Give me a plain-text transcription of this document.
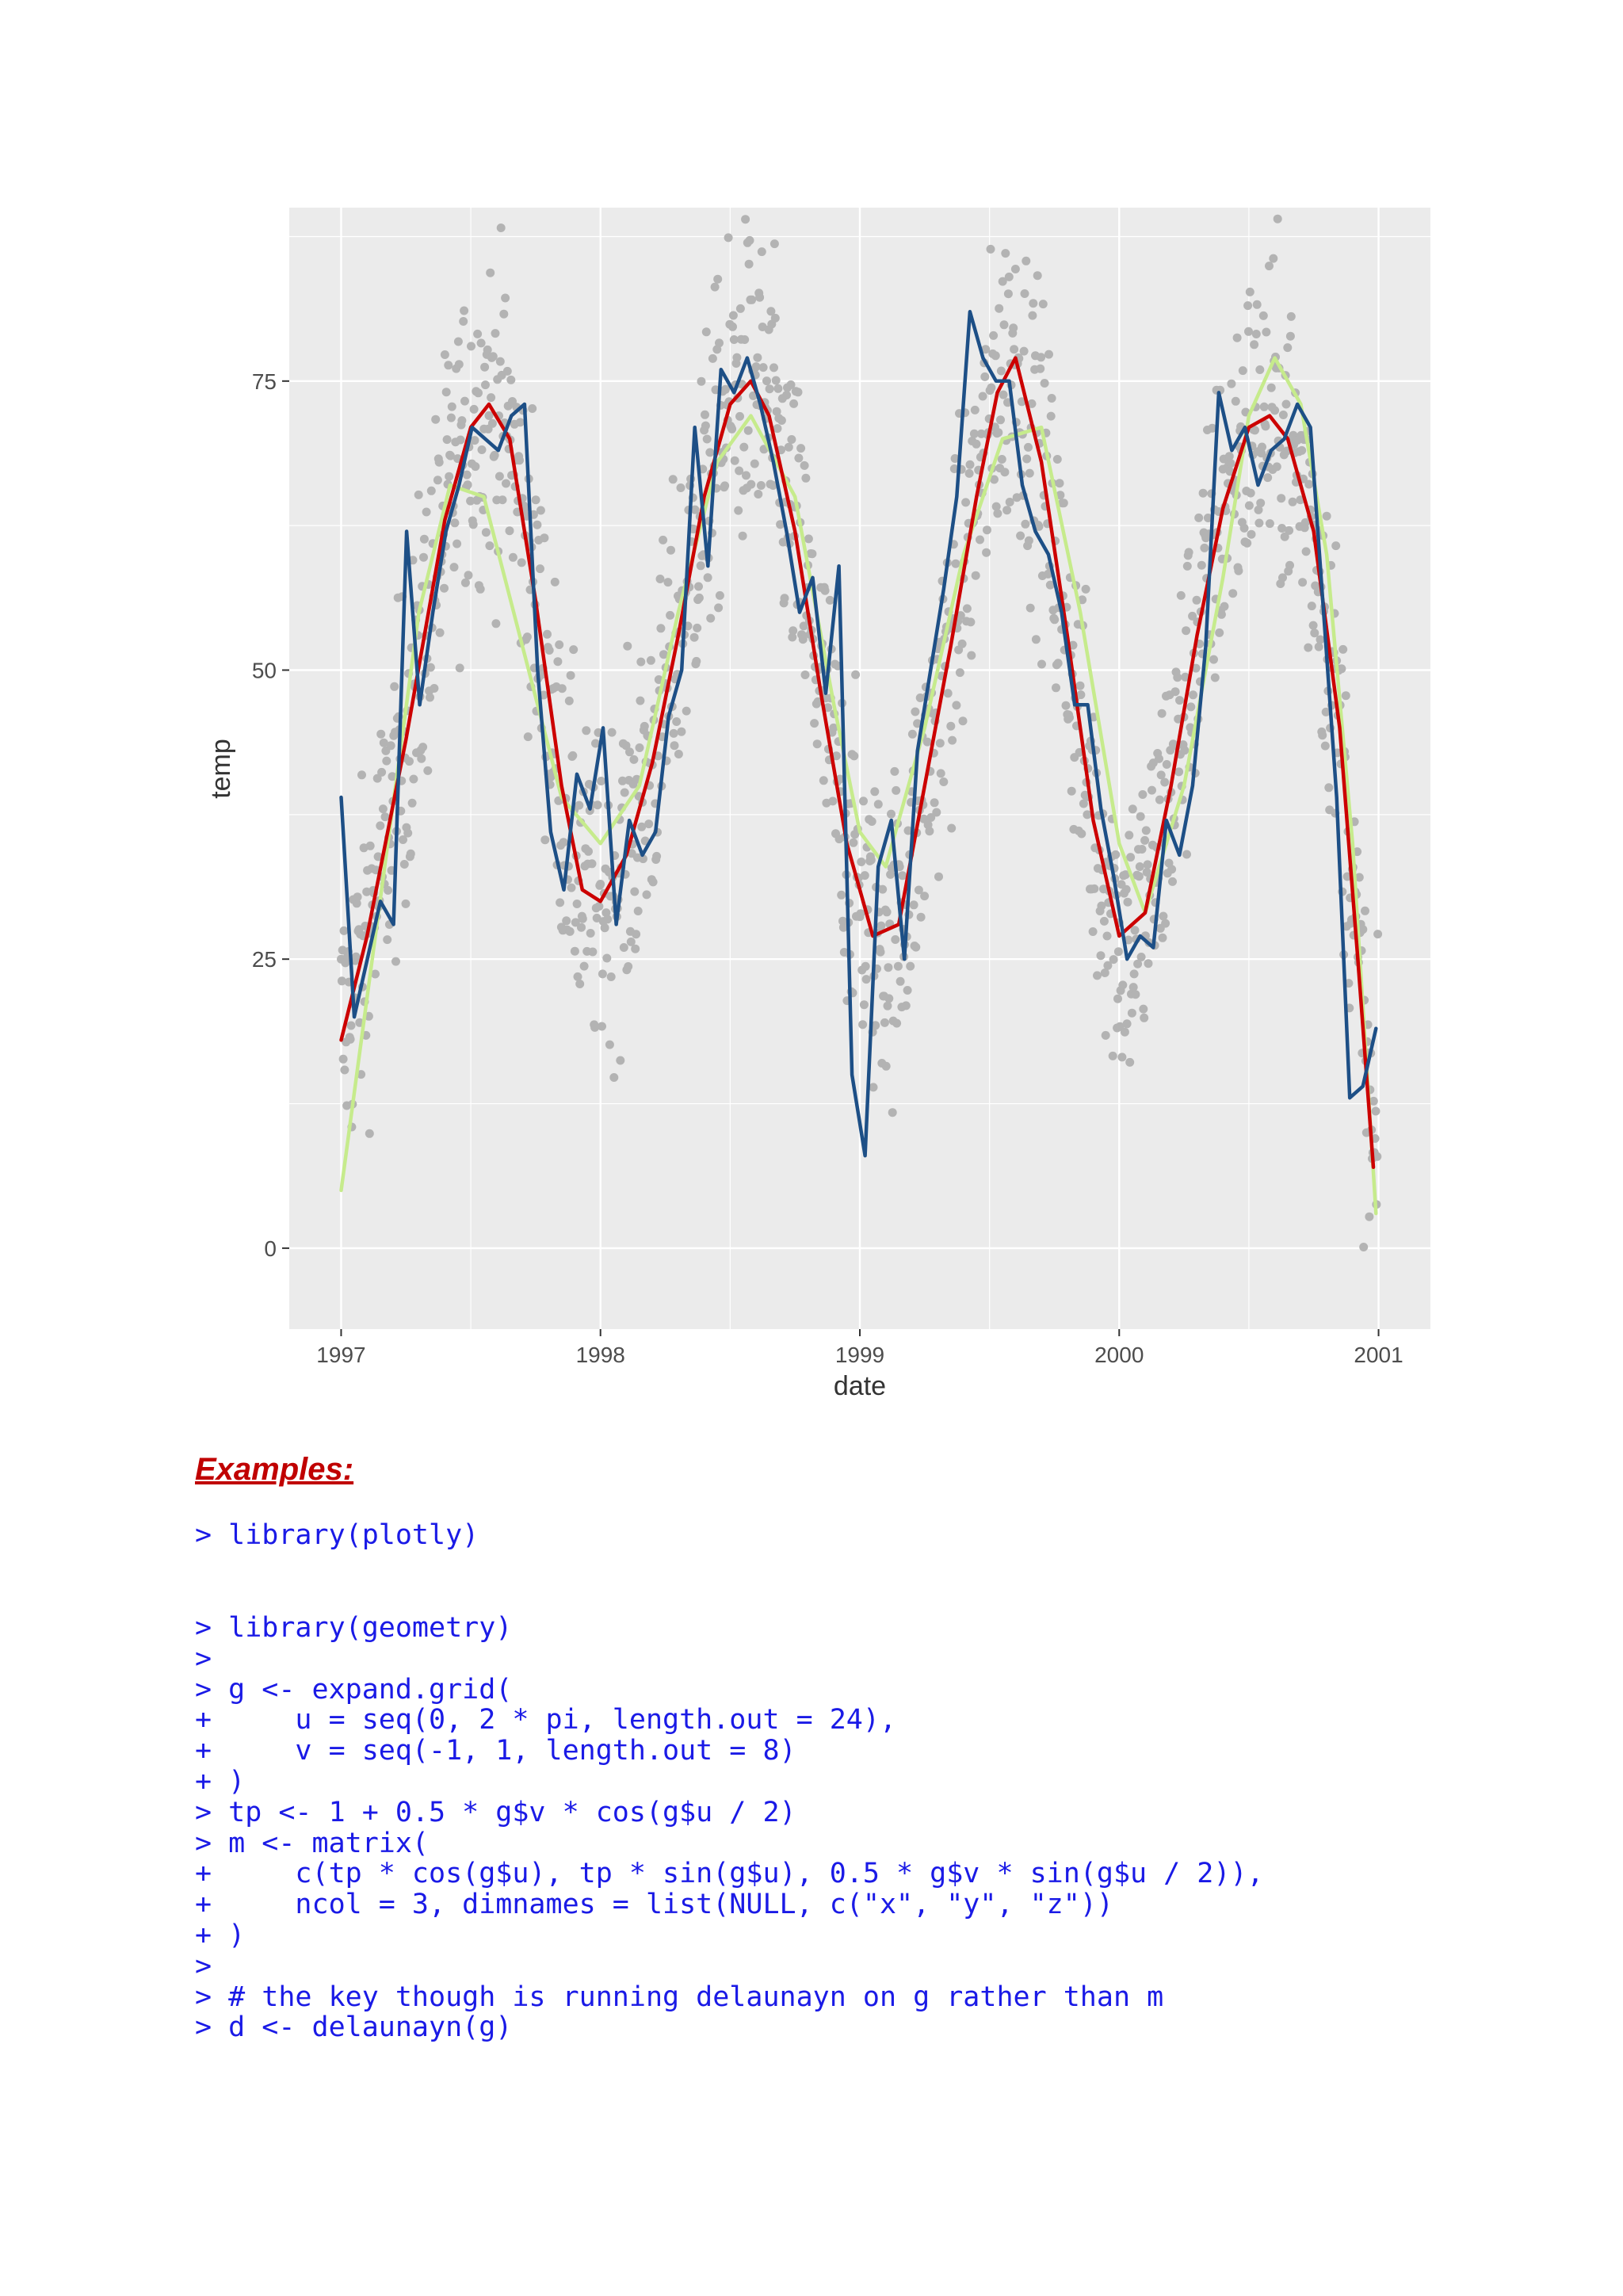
1997	1998	1999	2000	2001
0
25
50
75
date
temp
Examples:
> library(plotly)
> library(geometry)
>
> g <- expand.grid(
+     u = seq(0, 2 * pi, length.out = 24),
+     v = seq(-1, 1, length.out = 8)
+ )
> tp <- 1 + 0.5 * g$v * cos(g$u / 2)
> m <- matrix(
+     c(tp * cos(g$u), tp * sin(g$u), 0.5 * g$v * sin(g$u / 2)),
+     ncol = 3, dimnames = list(NULL, c("x", "y", "z"))
+ )
>
> # the key though is running delaunayn on g rather than m
> d <- delaunayn(g)
